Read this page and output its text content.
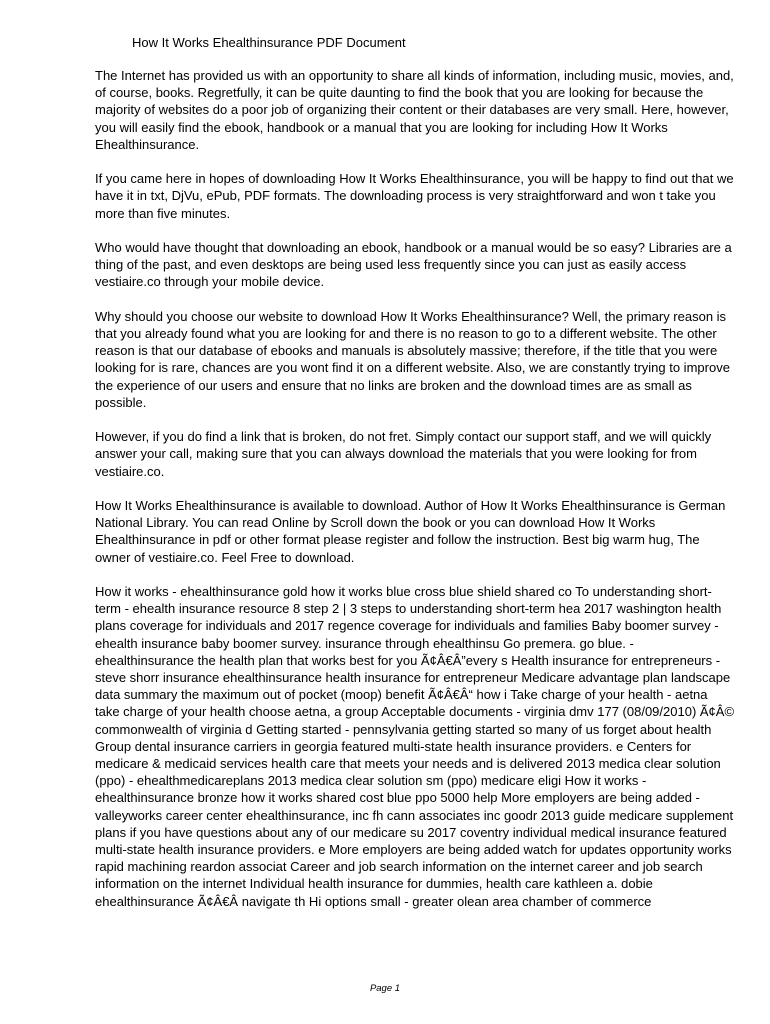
How It Works Ehealthinsurance PDF Document

The Internet has provided us with an opportunity to share all kinds of information, including music, movies, and, of course, books. Regretfully, it can be quite daunting to find the book that you are looking for because the majority of websites do a poor job of organizing their content or their databases are very small. Here, however, you will easily find the ebook, handbook or a manual that you are looking for including How It Works Ehealthinsurance.

If you came here in hopes of downloading How It Works Ehealthinsurance, you will be happy to find out that we have it in txt, DjVu, ePub, PDF formats. The downloading process is very straightforward and won t take you more than five minutes.

Who would have thought that downloading an ebook, handbook or a manual would be so easy? Libraries are a thing of the past, and even desktops are being used less frequently since you can just as easily access vestiaire.co through your mobile device.

Why should you choose our website to download How It Works Ehealthinsurance? Well, the primary reason is that you already found what you are looking for and there is no reason to go to a different website. The other reason is that our database of ebooks and manuals is absolutely massive; therefore, if the title that you were looking for is rare, chances are you wont find it on a different website. Also, we are constantly trying to improve the experience of our users and ensure that no links are broken and the download times are as small as possible.

However, if you do find a link that is broken, do not fret. Simply contact our support staff, and we will quickly answer your call, making sure that you can always download the materials that you were looking for from vestiaire.co.

How It Works Ehealthinsurance is available to download. Author of How It Works Ehealthinsurance is German National Library. You can read Online by Scroll down the book or you can download How It Works Ehealthinsurance in pdf or other format please register and follow the instruction. Best big warm hug, The owner of vestiaire.co. Feel Free to download.

How it works - ehealthinsurance gold how it works blue cross blue shield shared co To understanding short-term - ehealth insurance resource 8 step 2 | 3 steps to understanding short-term hea 2017 washington health plans coverage for individuals and 2017 regence coverage for individuals and families Baby boomer survey - ehealth insurance baby boomer survey. insurance through ehealthinsu Go premera. go blue. - ehealthinsurance the health plan that works best for you Ã¢Â€Â”every s Health insurance for entrepreneurs - steve shorr insurance ehealthinsurance health insurance for entrepreneur Medicare advantage plan landscape data summary the maximum out of pocket (moop) benefit Ã¢Â€Â“ how i Take charge of your health - aetna take charge of your health choose aetna, a group Acceptable documents - virginia dmv 177 (08/09/2010) Ã¢Â© commonwealth of virginia d Getting started - pennsylvania getting started so many of us forget about health Group dental insurance carriers in georgia featured multi-state health insurance providers. e Centers for medicare & medicaid services health care that meets your needs and is delivered 2013 medica clear solution (ppo) - ehealthmedicareplans 2013 medica clear solution sm (ppo) medicare eligi How it works - ehealthinsurance bronze how it works shared cost blue ppo 5000 help More employers are being added - valleyworks career center ehealthinsurance, inc fh cann associates inc goodr 2013 guide medicare supplement plans if you have questions about any of our medicare su 2017 coventry individual medical insurance featured multi-state health insurance providers. e More employers are being added watch for updates opportunity works rapid machining reardon associat Career and job search information on the internet career and job search information on the internet Individual health insurance for dummies, health care kathleen a. dobie ehealthinsurance Ã¢Â€Â navigate th Hi options small - greater olean area chamber of commerce

Page 1
